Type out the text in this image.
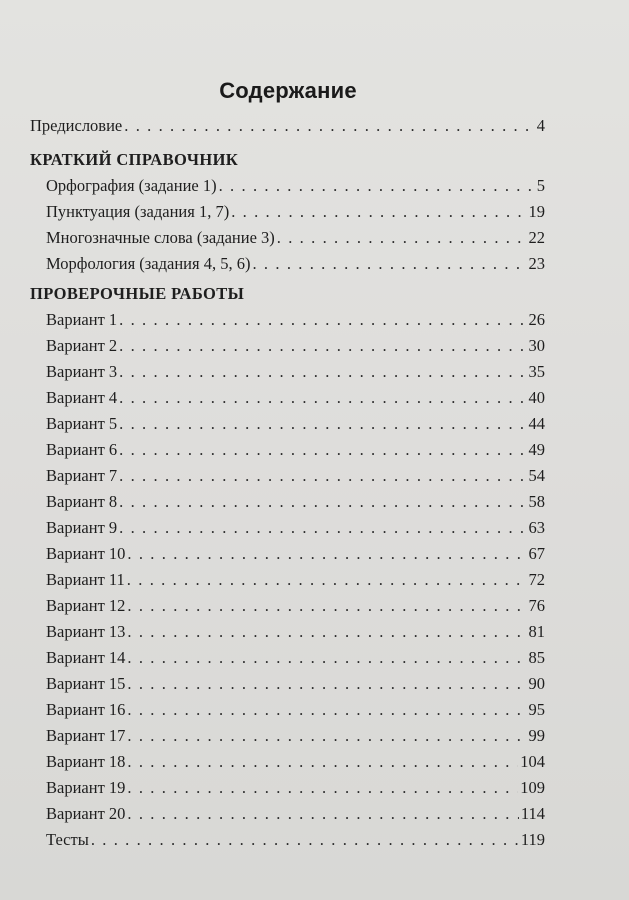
Содержание
Предисловие . . .	4
КРАТКИЙ СПРАВОЧНИК
Орфография (задание 1) . . .	5
Пунктуация (задания 1, 7) . . .	19
Многозначные слова (задание 3) . . .	22
Морфология (задания 4, 5, 6) . . .	23
ПРОВЕРОЧНЫЕ РАБОТЫ
Вариант 1 . . .	26
Вариант 2 . . .	30
Вариант 3 . . .	35
Вариант 4 . . .	40
Вариант 5 . . .	44
Вариант 6 . . .	49
Вариант 7 . . .	54
Вариант 8 . . .	58
Вариант 9 . . .	63
Вариант 10 . . .	67
Вариант 11 . . .	72
Вариант 12 . . .	76
Вариант 13 . . .	81
Вариант 14 . . .	85
Вариант 15 . . .	90
Вариант 16 . . .	95
Вариант 17 . . .	99
Вариант 18 . . .	104
Вариант 19 . . .	109
Вариант 20 . . .	114
Тесты . . .	119
